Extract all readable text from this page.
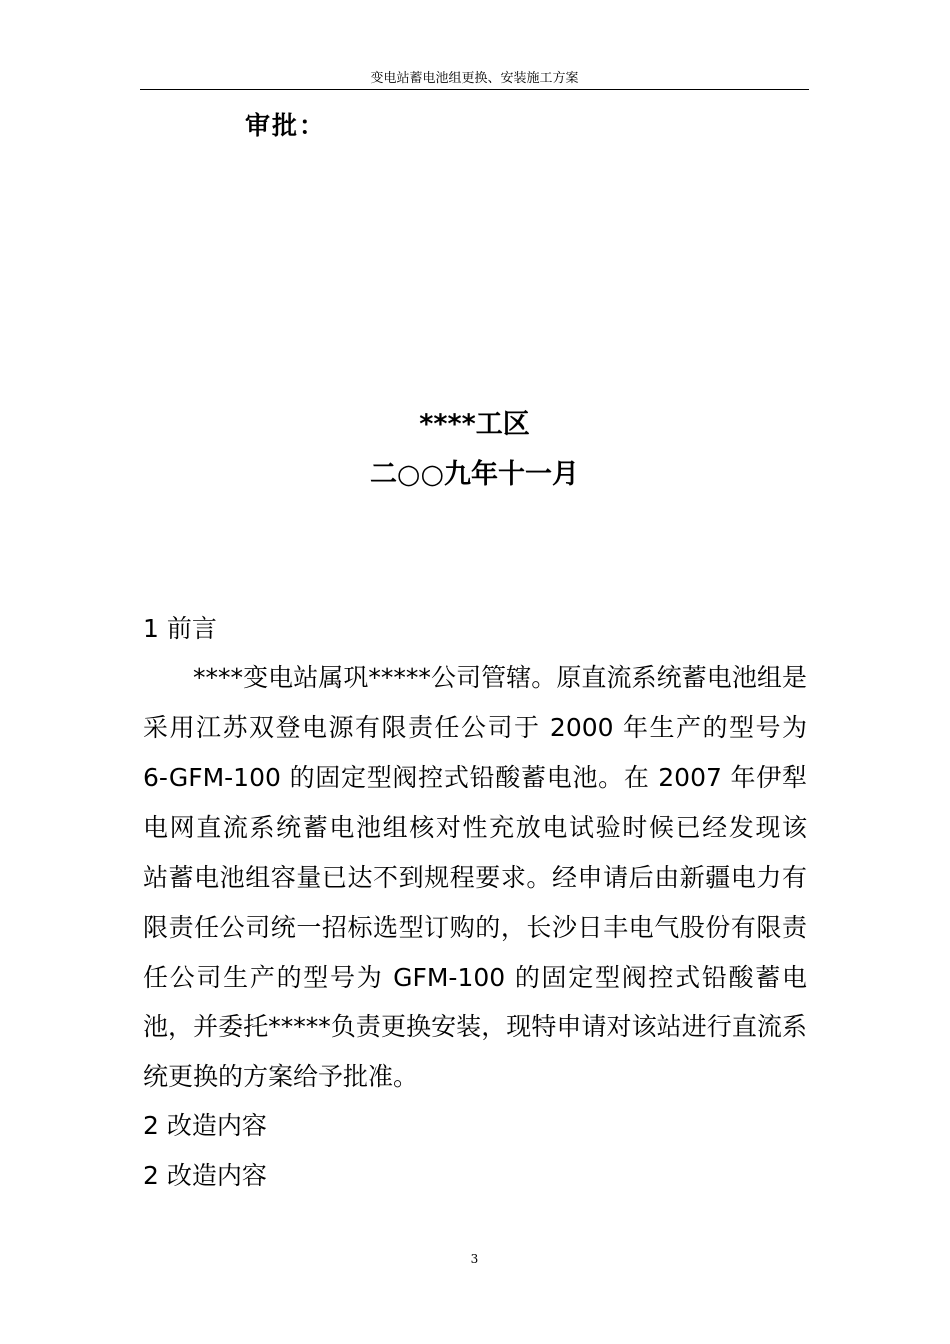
变电站蓄电池组更换、安装施工方案
审批：
****工区
二○○九年十一月
1 前言
****变电站属巩*****公司管辖。原直流系统蓄电池组是
采用江苏双登电源有限责任公司于 2000 年生产的型号为
6-GFM-100 的固定型阀控式铅酸蓄电池。在 2007 年伊犁
电网直流系统蓄电池组核对性充放电试验时候已经发现该
站蓄电池组容量已达不到规程要求。经申请后由新疆电力有
限责任公司统一招标选型订购的，长沙日丰电气股份有限责
任公司生产的型号为 GFM-100 的固定型阀控式铅酸蓄电
池，并委托*****负责更换安装，现特申请对该站进行直流系
统更换的方案给予批准。
2 改造内容
2 改造内容
3
